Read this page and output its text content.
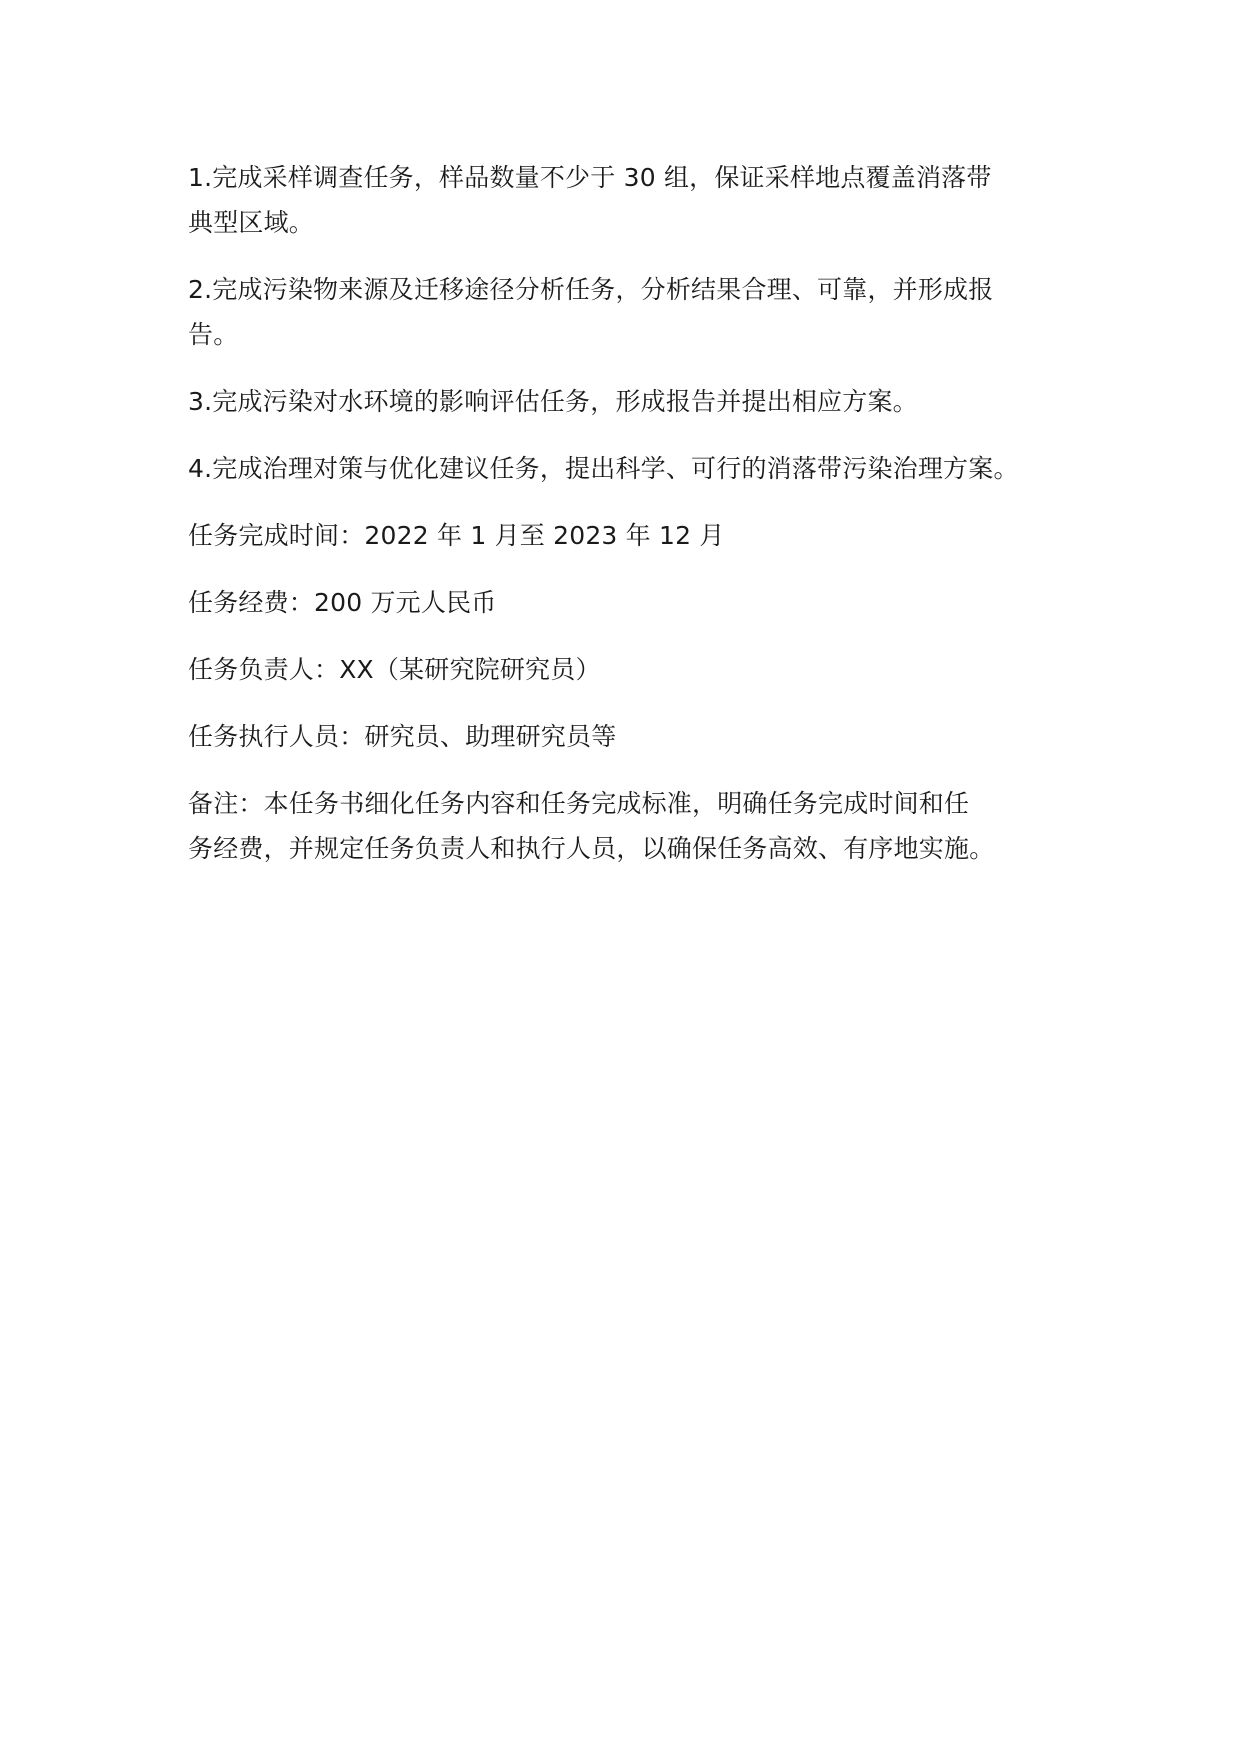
1.完成采样调查任务，样品数量不少于 30 组，保证采样地点覆盖消落带
典型区域。

2.完成污染物来源及迁移途径分析任务，分析结果合理、可靠，并形成报
告。

3.完成污染对水环境的影响评估任务，形成报告并提出相应方案。

4.完成治理对策与优化建议任务，提出科学、可行的消落带污染治理方案。

任务完成时间：2022 年 1 月至 2023 年 12 月

任务经费：200 万元人民币

任务负责人：XX（某研究院研究员）

任务执行人员：研究员、助理研究员等

备注：本任务书细化任务内容和任务完成标准，明确任务完成时间和任
务经费，并规定任务负责人和执行人员，以确保任务高效、有序地实施。
